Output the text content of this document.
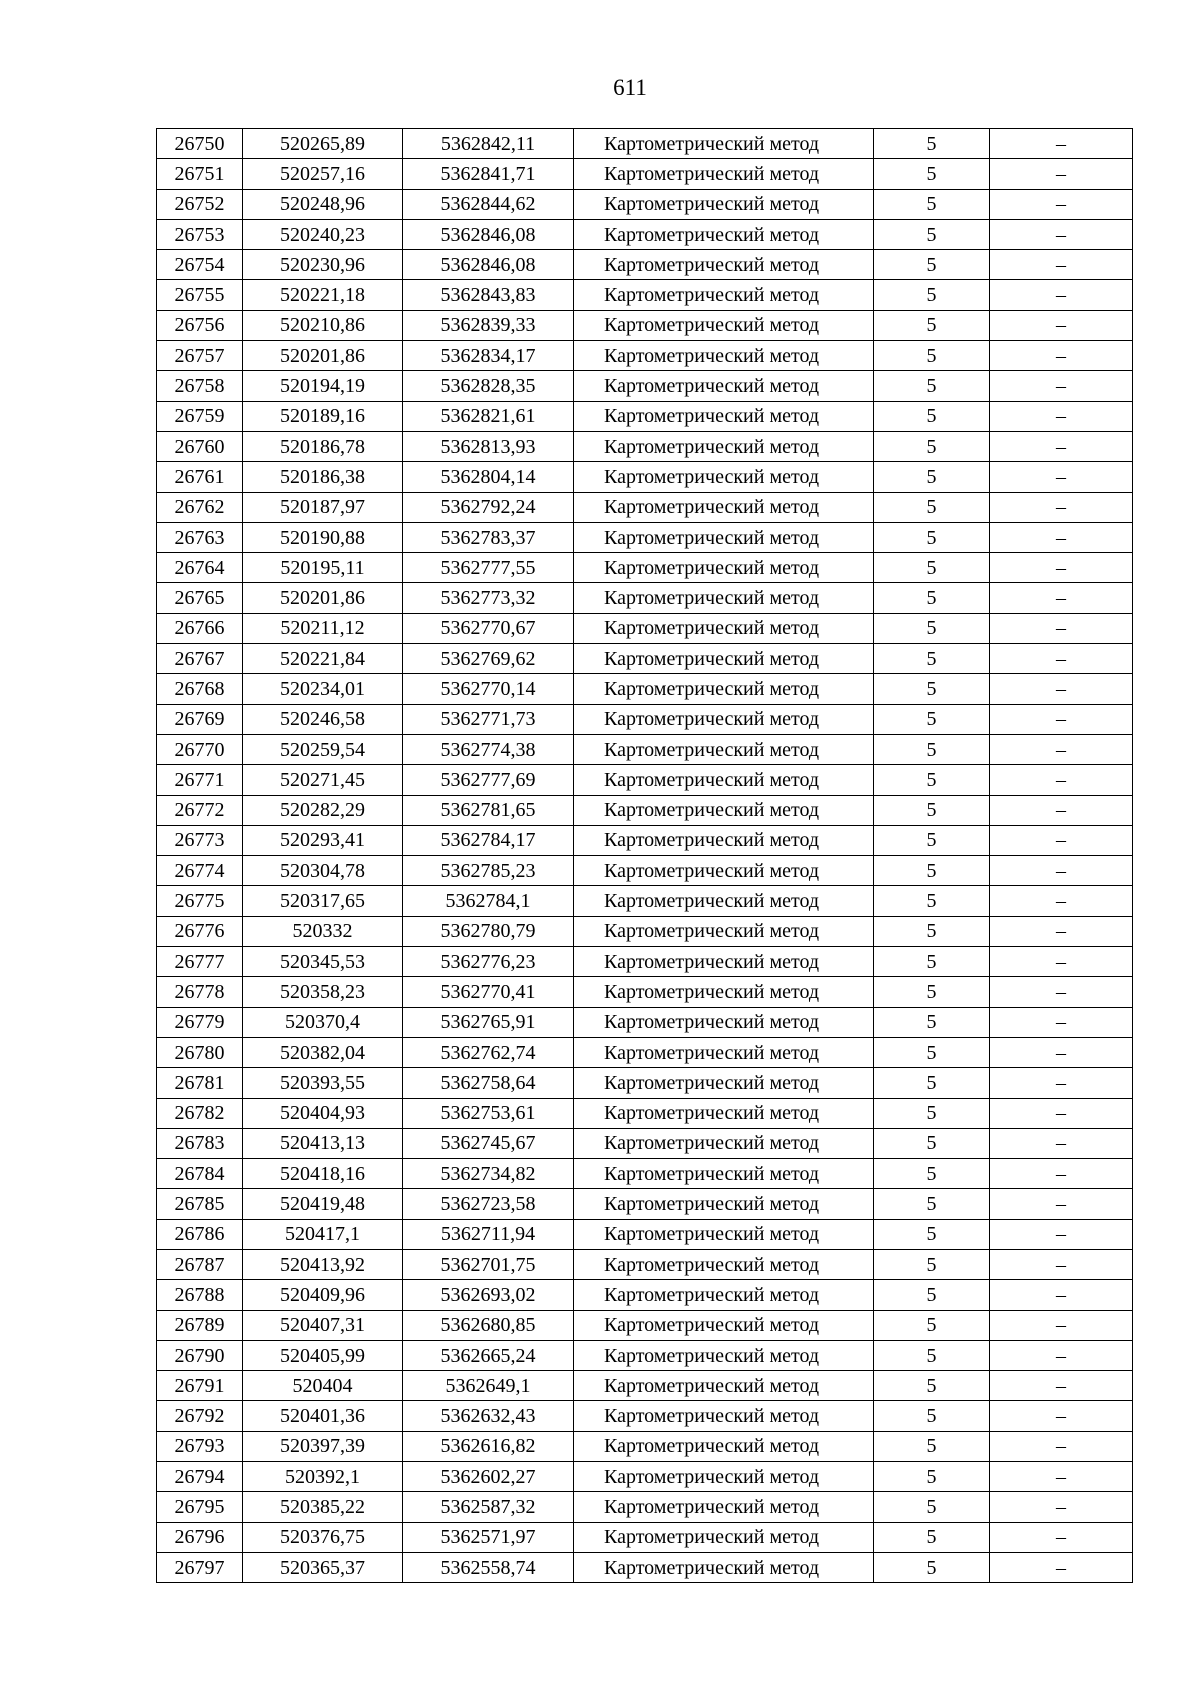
611
26750	520265,89	5362842,11	Картометрический метод	5	–
26751	520257,16	5362841,71	Картометрический метод	5	–
26752	520248,96	5362844,62	Картометрический метод	5	–
26753	520240,23	5362846,08	Картометрический метод	5	–
26754	520230,96	5362846,08	Картометрический метод	5	–
26755	520221,18	5362843,83	Картометрический метод	5	–
26756	520210,86	5362839,33	Картометрический метод	5	–
26757	520201,86	5362834,17	Картометрический метод	5	–
26758	520194,19	5362828,35	Картометрический метод	5	–
26759	520189,16	5362821,61	Картометрический метод	5	–
26760	520186,78	5362813,93	Картометрический метод	5	–
26761	520186,38	5362804,14	Картометрический метод	5	–
26762	520187,97	5362792,24	Картометрический метод	5	–
26763	520190,88	5362783,37	Картометрический метод	5	–
26764	520195,11	5362777,55	Картометрический метод	5	–
26765	520201,86	5362773,32	Картометрический метод	5	–
26766	520211,12	5362770,67	Картометрический метод	5	–
26767	520221,84	5362769,62	Картометрический метод	5	–
26768	520234,01	5362770,14	Картометрический метод	5	–
26769	520246,58	5362771,73	Картометрический метод	5	–
26770	520259,54	5362774,38	Картометрический метод	5	–
26771	520271,45	5362777,69	Картометрический метод	5	–
26772	520282,29	5362781,65	Картометрический метод	5	–
26773	520293,41	5362784,17	Картометрический метод	5	–
26774	520304,78	5362785,23	Картометрический метод	5	–
26775	520317,65	5362784,1	Картометрический метод	5	–
26776	520332	5362780,79	Картометрический метод	5	–
26777	520345,53	5362776,23	Картометрический метод	5	–
26778	520358,23	5362770,41	Картометрический метод	5	–
26779	520370,4	5362765,91	Картометрический метод	5	–
26780	520382,04	5362762,74	Картометрический метод	5	–
26781	520393,55	5362758,64	Картометрический метод	5	–
26782	520404,93	5362753,61	Картометрический метод	5	–
26783	520413,13	5362745,67	Картометрический метод	5	–
26784	520418,16	5362734,82	Картометрический метод	5	–
26785	520419,48	5362723,58	Картометрический метод	5	–
26786	520417,1	5362711,94	Картометрический метод	5	–
26787	520413,92	5362701,75	Картометрический метод	5	–
26788	520409,96	5362693,02	Картометрический метод	5	–
26789	520407,31	5362680,85	Картометрический метод	5	–
26790	520405,99	5362665,24	Картометрический метод	5	–
26791	520404	5362649,1	Картометрический метод	5	–
26792	520401,36	5362632,43	Картометрический метод	5	–
26793	520397,39	5362616,82	Картометрический метод	5	–
26794	520392,1	5362602,27	Картометрический метод	5	–
26795	520385,22	5362587,32	Картометрический метод	5	–
26796	520376,75	5362571,97	Картометрический метод	5	–
26797	520365,37	5362558,74	Картометрический метод	5	–
